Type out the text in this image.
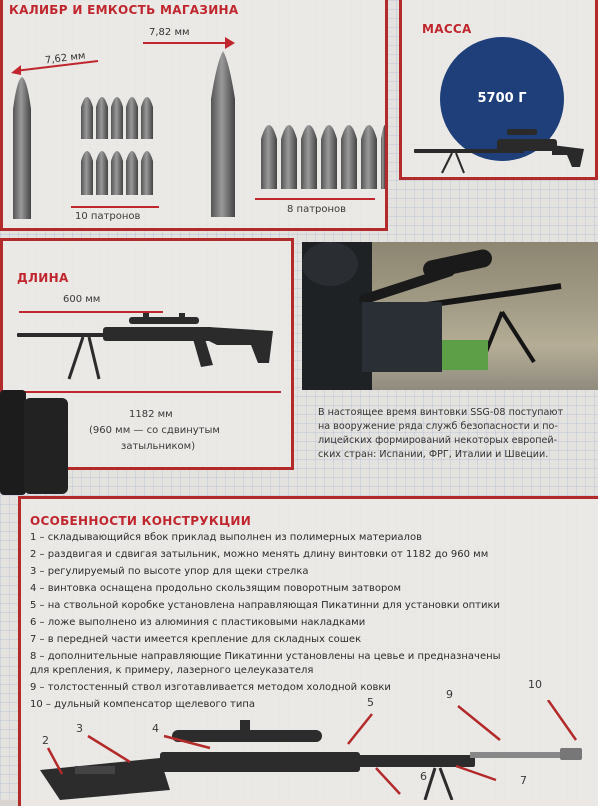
КАЛИБР И ЕМКОСТЬ МАГАЗИНА
7,62 мм
7,82 мм
10 патронов
8 патронов
МАССА
5700 Г
ДЛИНА
600 мм
1182 мм
(960 мм — со сдвинутым
затыльником)
В настоящее время винтовки SSG-08 поступают
на вооружение ряда служб безопасности и по-
лицейских формирований некоторых европей-
ских стран: Испании, ФРГ, Италии и Швеции.
ОСОБЕННОСТИ КОНСТРУКЦИИ
1 – складывающийся вбок приклад выполнен из полимерных материалов
2 – раздвигая и сдвигая затыльник, можно менять длину винтовки от 1182 до 960 мм
3 – регулируемый по высоте упор для щеки стрелка
4 – винтовка оснащена продольно скользящим поворотным затвором
5 – на ствольной коробке установлена направляющая Пикатинни для установки оптики
6 – ложе выполнено из алюминия с пластиковыми накладками
7 – в передней части имеется крепление для складных сошек
8 – дополнительные направляющие Пикатинни установлены на цевье и предназначены
для крепления, к примеру, лазерного целеуказателя
9 – толстостенный ствол изготавливается методом холодной ковки
10 – дульный компенсатор щелевого типа
2
3	4
5
6	7
9
10
